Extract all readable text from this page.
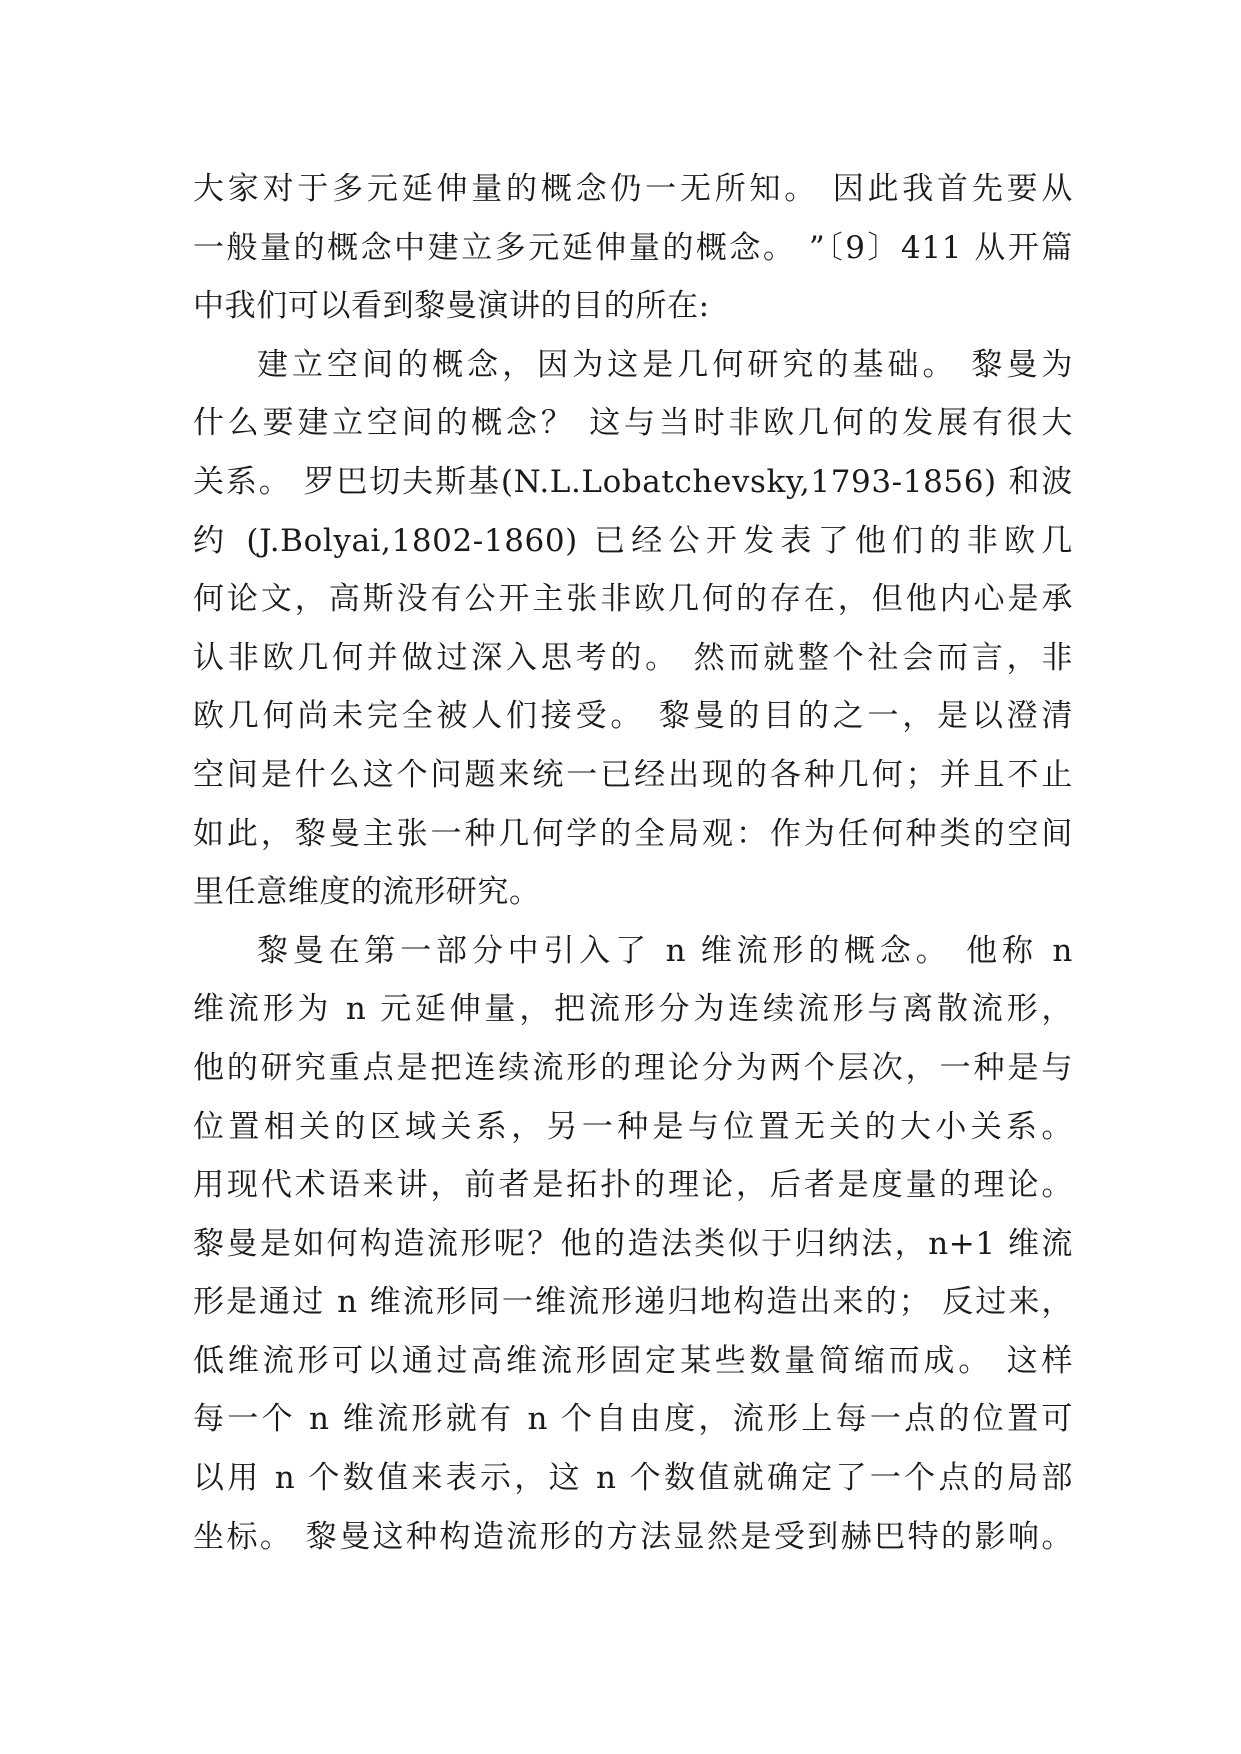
大家对于多元延伸量的概念仍一无所知。 因此我首先要从
一般量的概念中建立多元延伸量的概念。 ”〔9〕411 从开篇
中我们可以看到黎曼演讲的目的所在:
建立空间的概念，因为这是几何研究的基础。 黎曼为
什么要建立空间的概念？ 这与当时非欧几何的发展有很大
关系。 罗巴切夫斯基(N.L.Lobatchevsky,1793-1856) 和波
约 (J.Bolyai,1802-1860) 已经公开发表了他们的非欧几
何论文，高斯没有公开主张非欧几何的存在，但他内心是承
认非欧几何并做过深入思考的。 然而就整个社会而言，非
欧几何尚未完全被人们接受。 黎曼的目的之一，是以澄清
空间是什么这个问题来统一已经出现的各种几何；并且不止
如此，黎曼主张一种几何学的全局观：作为任何种类的空间
里任意维度的流形研究。
黎曼在第一部分中引入了 n 维流形的概念。 他称 n
维流形为 n 元延伸量，把流形分为连续流形与离散流形，
他的研究重点是把连续流形的理论分为两个层次，一种是与
位置相关的区域关系，另一种是与位置无关的大小关系。
用现代术语来讲，前者是拓扑的理论，后者是度量的理论。
黎曼是如何构造流形呢？他的造法类似于归纳法，n+1 维流
形是通过 n 维流形同一维流形递归地构造出来的； 反过来，
低维流形可以通过高维流形固定某些数量简缩而成。 这样
每一个 n 维流形就有 n 个自由度，流形上每一点的位置可
以用 n 个数值来表示，这 n 个数值就确定了一个点的局部
坐标。 黎曼这种构造流形的方法显然是受到赫巴特的影响。
